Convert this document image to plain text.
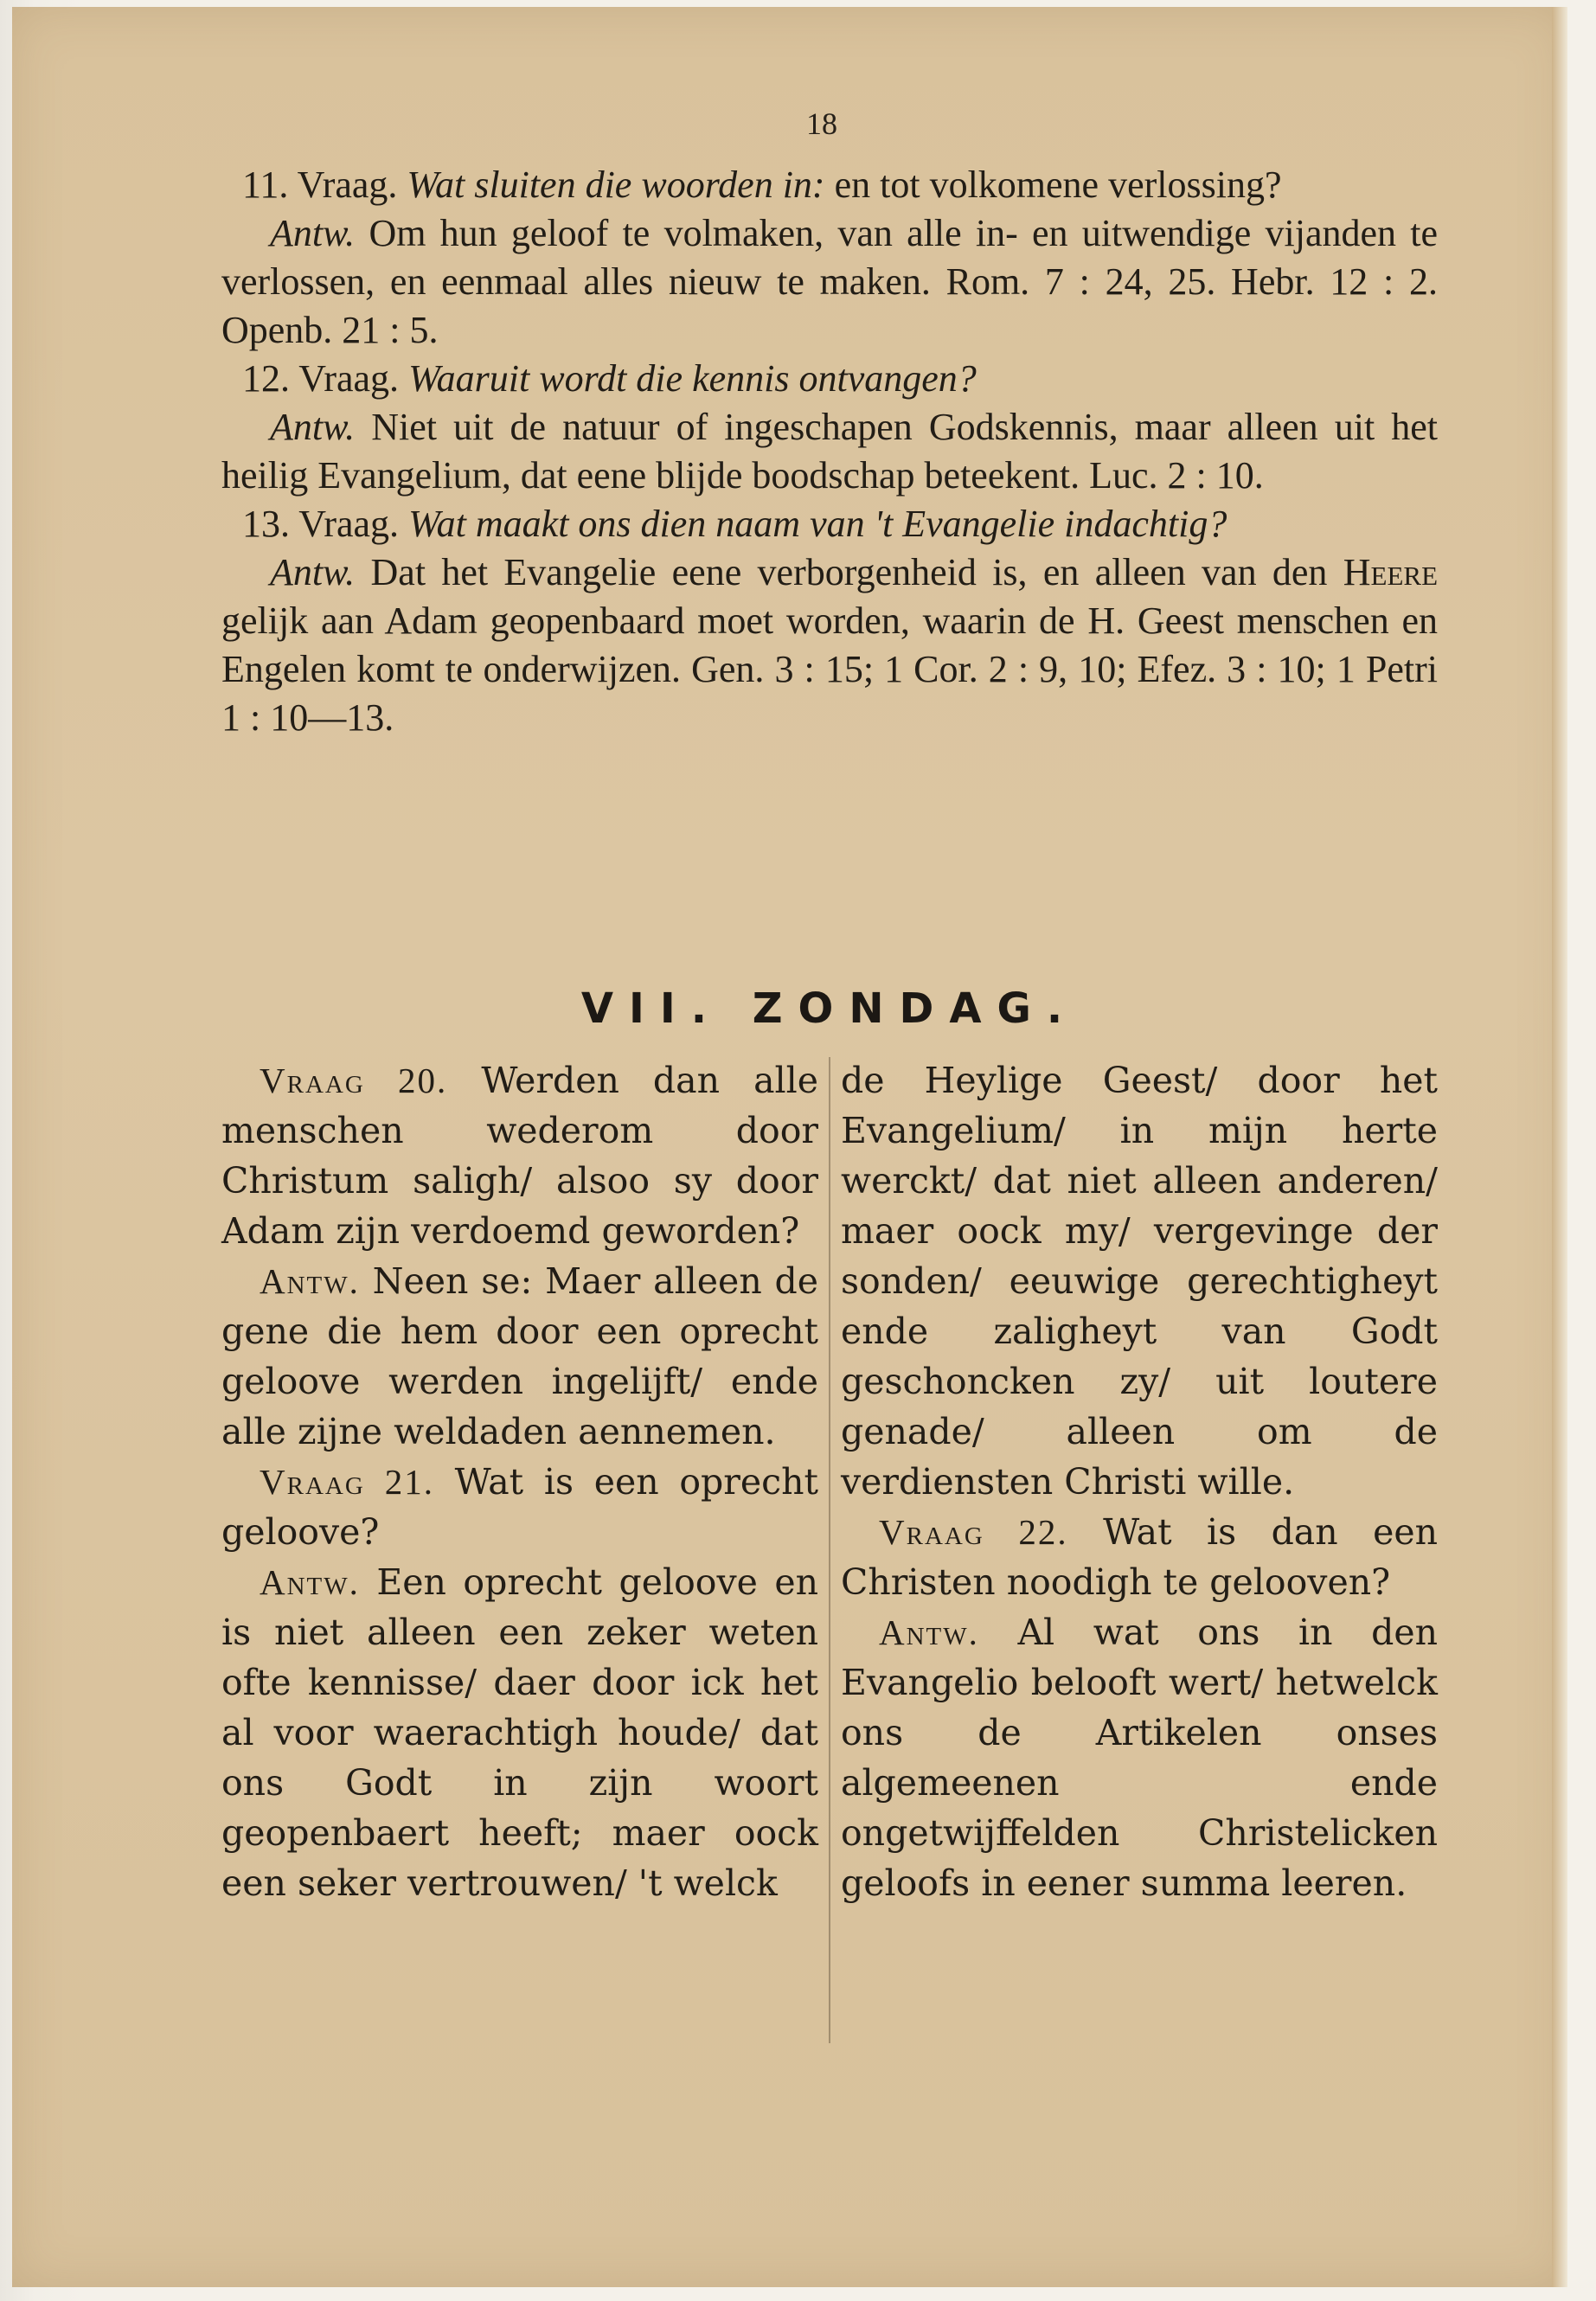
18

11. Vraag. Wat sluiten die woorden in: en tot volkomene verlossing?

Antw. Om hun geloof te volmaken, van alle in- en uitwendige vijanden te verlossen, en eenmaal alles nieuw te maken. Rom. 7 : 24, 25. Hebr. 12 : 2. Openb. 21 : 5.

12. Vraag. Waaruit wordt die kennis ontvangen?

Antw. Niet uit de natuur of ingeschapen Godskennis, maar alleen uit het heilig Evangelium, dat eene blijde boodschap beteekent. Luc. 2 : 10.

13. Vraag. Wat maakt ons dien naam van 't Evangelie indachtig?

Antw. Dat het Evangelie eene verborgenheid is, en alleen van den Heere gelijk aan Adam geopenbaard moet worden, waarin de H. Geest menschen en Engelen komt te onderwijzen. Gen. 3 : 15; 1 Cor. 2 : 9, 10; Efez. 3 : 10; 1 Petri 1 : 10—13.

VII. ZONDAG.

Vraag 20. Werden dan alle menschen wederom door Christum saligh/ alsoo sy door Adam zijn verdoemd geworden?

Antw. Neen se: Maer alleen de gene die hem door een oprecht geloove werden ingelijft/ ende alle zijne weldaden aennemen.

Vraag 21. Wat is een oprecht geloove?

Antw. Een oprecht geloove en is niet alleen een zeker weten ofte kennisse/ daer door ick het al voor waerachtigh houde/ dat ons Godt in zijn woort geopenbaert heeft; maer oock een seker vertrouwen/ 't welck

de Heylige Geest/ door het Evangelium/ in mijn herte werckt/ dat niet alleen anderen/ maer oock my/ vergevinge der sonden/ eeuwige gerechtigheyt ende zaligheyt van Godt geschoncken zy/ uit loutere genade/ alleen om de verdiensten Christi wille.

Vraag 22. Wat is dan een Christen noodigh te gelooven?

Antw. Al wat ons in den Evangelio belooft wert/ hetwelck ons de Artikelen onses algemeenen ende ongetwijffelden Christelicken geloofs in eener summa leeren.
